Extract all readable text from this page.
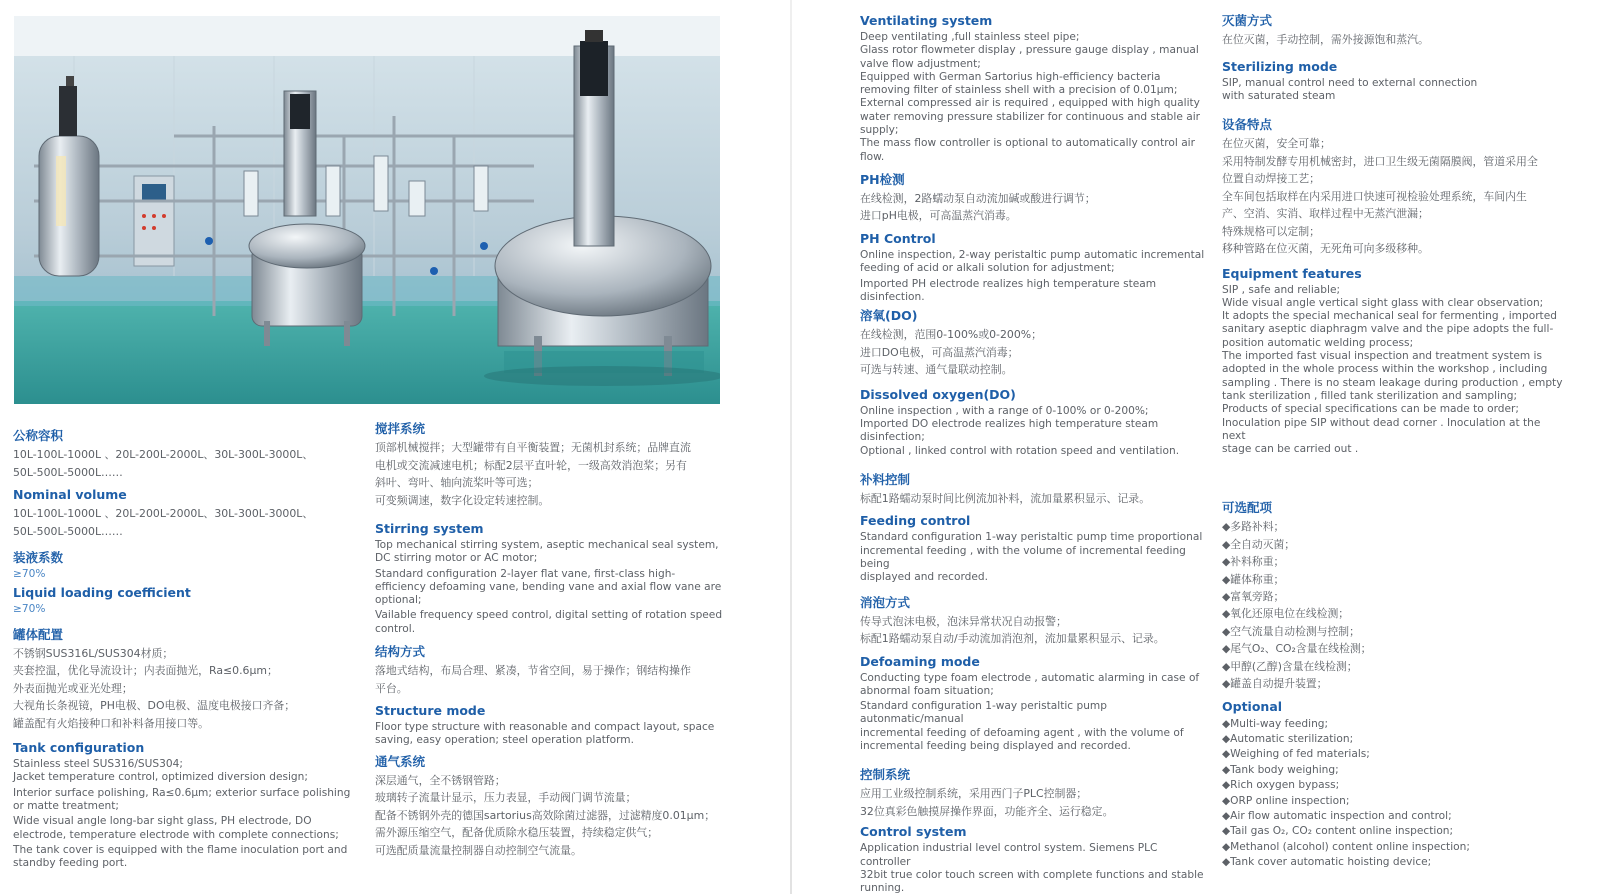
公称容积
10L-100L-1000L 、20L-200L-2000L、30L-300L-3000L、
50L-500L-5000L……
Nominal volume
10L-100L-1000L 、20L-200L-2000L、30L-300L-3000L、
50L-500L-5000L……
装液系数
≥70%
Liquid loading coefficient
≥70%
罐体配置
不锈钢SUS316L/SUS304材质；
夹套控温，优化导流设计；内表面抛光，Ra≤0.6μm；
外表面抛光或亚光处理；
大视角长条视镜，PH电极、DO电极、温度电极接口齐备；
罐盖配有火焰接种口和补料备用接口等。
Tank configuration
Stainless steel SUS316/SUS304;
Jacket temperature control, optimized diversion design;
Interior surface polishing, Ra≤0.6μm; exterior surface polishing
or matte treatment;
Wide visual angle long-bar sight glass, PH electrode, DO
electrode, temperature electrode with complete connections;
The tank cover is equipped with the flame inoculation port and
standby feeding port.
搅拌系统
顶部机械搅拌；大型罐带有自平衡装置；无菌机封系统；品牌直流
电机或交流减速电机；标配2层平直叶轮，一级高效消泡桨；另有
斜叶、弯叶、轴向流桨叶等可选；
可变频调速，数字化设定转速控制。
Stirring system
Top mechanical stirring system, aseptic mechanical seal system,
DC stirring motor or AC motor;
Standard configuration 2-layer flat vane, first-class high-
efficiency defoaming vane, bending vane and axial flow vane are
optional;
Vailable frequency speed control, digital setting of rotation speed
control.
结构方式
落地式结构，布局合理、紧凑，节省空间，易于操作；钢结构操作
平台。
Structure mode
Floor type structure with reasonable and compact layout, space
saving, easy operation; steel operation platform.
通气系统
深层通气，全不锈钢管路；
玻璃转子流量计显示，压力表显，手动阀门调节流量；
配备不锈钢外壳的德国sartorius高效除菌过滤器，过滤精度0.01μm；
需外源压缩空气，配备优质除水稳压装置，持续稳定供气；
可选配质量流量控制器自动控制空气流量。
Ventilating system
Deep ventilating ,full stainless steel pipe;
Glass rotor flowmeter display , pressure gauge display , manual
valve flow adjustment;
Equipped with German Sartorius high-efficiency bacteria
removing filter of stainless shell with a precision of 0.01μm;
External compressed air is required , equipped with high quality
water removing pressure stabilizer for continuous and stable air
supply;
The mass flow controller is optional to automatically control air flow.
PH检测
在线检测，2路蠕动泵自动流加碱或酸进行调节；
进口pH电极，可高温蒸汽消毒。
PH Control
Online inspection, 2-way peristaltic pump automatic incremental
feeding of acid or alkali solution for adjustment;
Imported PH electrode realizes high temperature steam
disinfection.
溶氧(DO)
在线检测，范围0-100%或0-200%；
进口DO电极，可高温蒸汽消毒；
可选与转速、通气量联动控制。
Dissolved oxygen(DO)
Online inspection , with a range of 0-100% or 0-200%;
Imported DO electrode realizes high temperature steam disinfection;
Optional , linked control with rotation speed and ventilation.
补料控制
标配1路蠕动泵时间比例流加补料，流加量累积显示、记录。
Feeding control
Standard configuration 1-way peristaltic pump time proportional
incremental feeding , with the volume of incremental feeding being
displayed and recorded.
消泡方式
传导式泡沫电极，泡沫异常状况自动报警；
标配1路蠕动泵自动/手动流加消泡剂，流加量累积显示、记录。
Defoaming mode
Conducting type foam electrode , automatic alarming in case of
abnormal foam situation;
Standard configuration 1-way peristaltic pump autonmatic/manual
incremental feeding of defoaming agent , with the volume of
incremental feeding being displayed and recorded.
控制系统
应用工业级控制系统，采用西门子PLC控制器；
32位真彩色触摸屏操作界面，功能齐全、运行稳定。
Control system
Application industrial level control system. Siemens PLC controller
32bit true color touch screen with complete functions and stable
running.
灭菌方式
在位灭菌，手动控制，需外接源饱和蒸汽。
Sterilizing mode
SIP, manual control need to external connection
with saturated steam
设备特点
在位灭菌，安全可靠；
采用特制发酵专用机械密封，进口卫生级无菌隔膜阀，管道采用全
位置自动焊接工艺；
全车间包括取样在内采用进口快速可视检验处理系统，车间内生
产、空消、实消、取样过程中无蒸汽泄漏；
特殊规格可以定制；
移种管路在位灭菌，无死角可向多级移种。
Equipment features
SIP , safe and reliable;
Wide visual angle vertical sight glass with clear observation;
It adopts the special mechanical seal for fermenting , imported
sanitary aseptic diaphragm valve and the pipe adopts the full-
position automatic welding process;
The imported fast visual inspection and treatment system is
adopted in the whole process within the workshop , including
sampling . There is no steam leakage during production , empty
tank sterilization , filled tank sterilization and sampling;
Products of special specifications can be made to order;
Inoculation pipe SIP without dead corner . Inoculation at the next
stage can be carried out .
可选配项
◆多路补料；
◆全自动灭菌；
◆补料称重；
◆罐体称重；
◆富氧旁路；
◆氧化还原电位在线检测；
◆空气流量自动检测与控制；
◆尾气O₂、CO₂含量在线检测；
◆甲醇(乙醇)含量在线检测；
◆罐盖自动提升装置；
Optional
◆Multi-way feeding;
◆Automatic sterilization;
◆Weighing of fed materials;
◆Tank body weighing;
◆Rich oxygen bypass;
◆ORP online inspection;
◆Air flow automatic inspection and control;
◆Tail gas O₂, CO₂ content online inspection;
◆Methanol (alcohol) content online inspection;
◆Tank cover automatic hoisting device;
